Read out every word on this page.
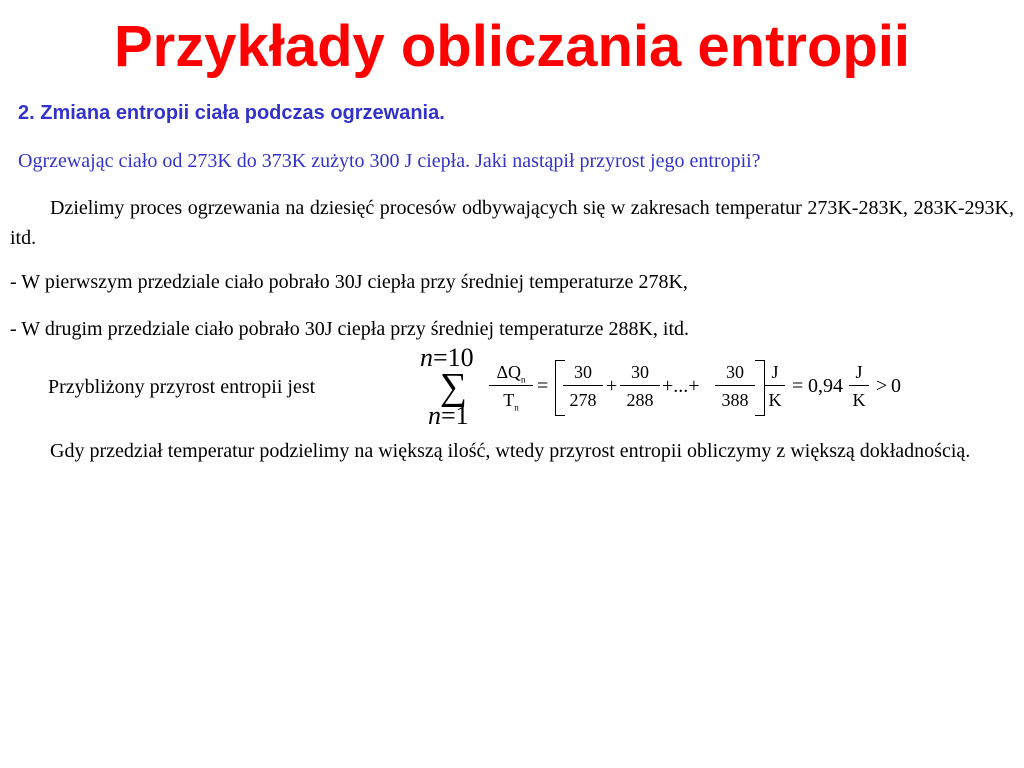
Przykłady obliczania entropii
2. Zmiana entropii ciała podczas ogrzewania.
Ogrzewając ciało od 273K do 373K zużyto 300 J ciepła. Jaki nastąpił przyrost jego entropii?
Dzielimy proces ogrzewania na dziesięć procesów odbywających się w zakresach temperatur 273K-283K, 283K-293K, itd.
- W pierwszym przedziale ciało pobrało 30J ciepła przy średniej temperaturze 278K,
- W drugim przedziale ciało pobrało 30J ciepła przy średniej temperaturze 288K, itd.
Przybliżony przyrost entropii jest
n=10
∑
n=1
$\Delta Q_n$
$T_n$
=
30
278
+
30
288
+...+
30
388
J
K
= 0,94
J
K
> 0
Gdy przedział temperatur podzielimy na większą ilość, wtedy przyrost entropii obliczymy z większą dokładnością.
